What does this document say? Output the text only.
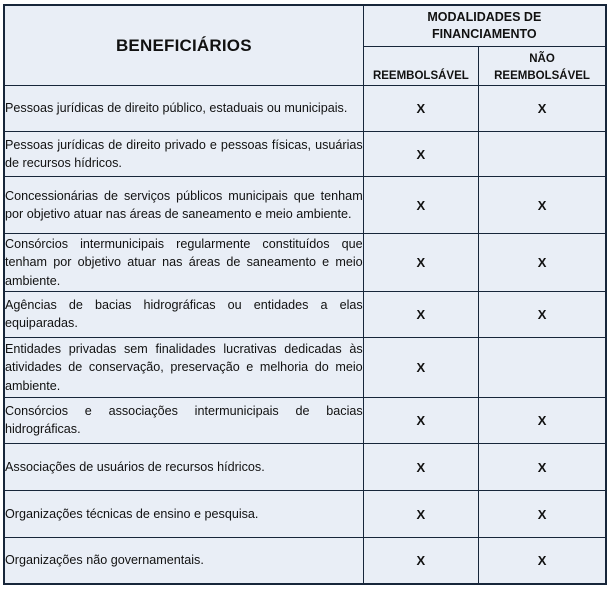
BENEFICIÁRIOS	MODALIDADES DE
FINANCIAMENTO	

	REEMBOLSÁVEL	NÃO
REEMBOLSÁVEL

Pessoas jurídicas de direito público, estaduais ou municipais.	X	X
Pessoas jurídicas de direito privado e pessoas físicas, usuárias de recursos hídricos.	X	
Concessionárias de serviços públicos municipais que tenham por objetivo atuar nas áreas de saneamento e meio ambiente.	X	X
Consórcios intermunicipais regularmente constituídos que tenham por objetivo atuar nas áreas de saneamento e meio ambiente.	X	X
Agências de bacias hidrográficas ou entidades a elas equiparadas.	X	X
Entidades privadas sem finalidades lucrativas dedicadas às atividades de conservação, preservação e melhoria do meio ambiente.	X	
Consórcios e associações intermunicipais de bacias hidrográficas.	X	X
Associações de usuários de recursos hídricos.	X	X
Organizações técnicas de ensino e pesquisa.	X	X
Organizações não governamentais.	X	X
